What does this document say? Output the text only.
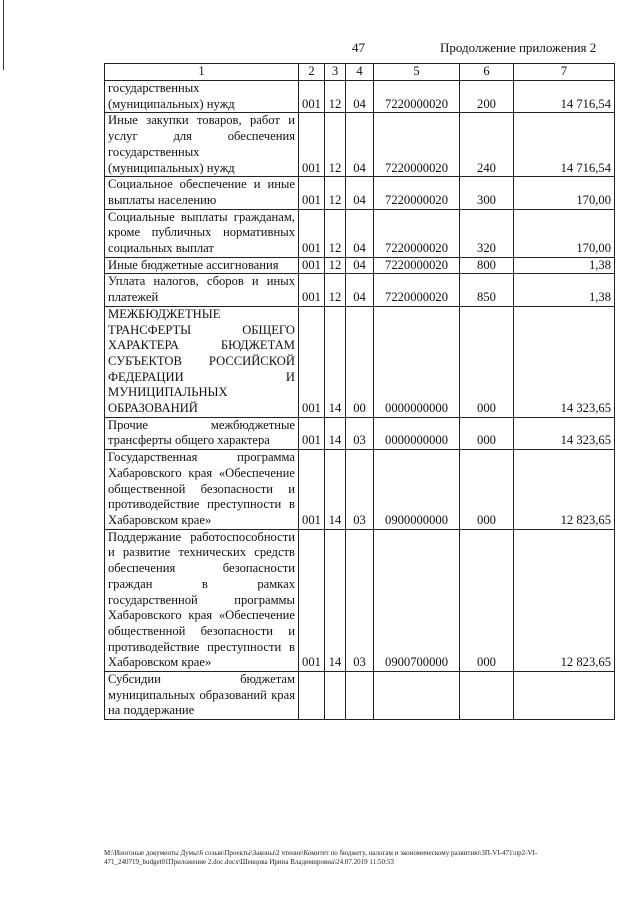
47	Продолжение приложения 2
1	2	3	4	5	6	7
государственных (муниципальных) нужд	001	12	04	7220000020	200	14 716,54
Иные закупки товаров, работ и услуг для обеспечения государственных (муниципальных) нужд	001	12	04	7220000020	240	14 716,54
Социальное обеспечение и иные выплаты населению	001	12	04	7220000020	300	170,00
Социальные выплаты гражданам, кроме публичных нормативных социальных выплат	001	12	04	7220000020	320	170,00
Иные бюджетные ассигнования	001	12	04	7220000020	800	1,38
Уплата налогов, сборов и иных платежей	001	12	04	7220000020	850	1,38
МЕЖБЮДЖЕТНЫЕ ТРАНСФЕРТЫ ОБЩЕГО ХАРАКТЕРА БЮДЖЕТАМ СУБЪЕКТОВ РОССИЙСКОЙ ФЕДЕРАЦИИ И МУНИЦИПАЛЬНЫХ ОБРАЗОВАНИЙ	001	14	00	0000000000	000	14 323,65
Прочие межбюджетные трансферты общего характера	001	14	03	0000000000	000	14 323,65
Государственная программа Хабаровского края «Обеспечение общественной безопасности и противодействие преступности в Хабаровском крае»	001	14	03	0900000000	000	12 823,65
Поддержание работоспособности и развитие технических средств обеспечения безопасности граждан в рамках государственной программы Хабаровского края «Обеспечение общественной безопасности и противодействие преступности в Хабаровском крае»	001	14	03	0900700000	000	12 823,65
Субсидии бюджетам муниципальных образований края на поддержание						
М:\Иногоные документы Думы\6 созыв\Проекты\Законы\2 чтение\Комитет по бюджету, налогам и экономическому развитию\ЗП-VI-471\пр2-VI-471_240719_budget01Приложение 2.doc.docx\Шевцова Ирина Владимировна\24.07.2019 11:50:53
